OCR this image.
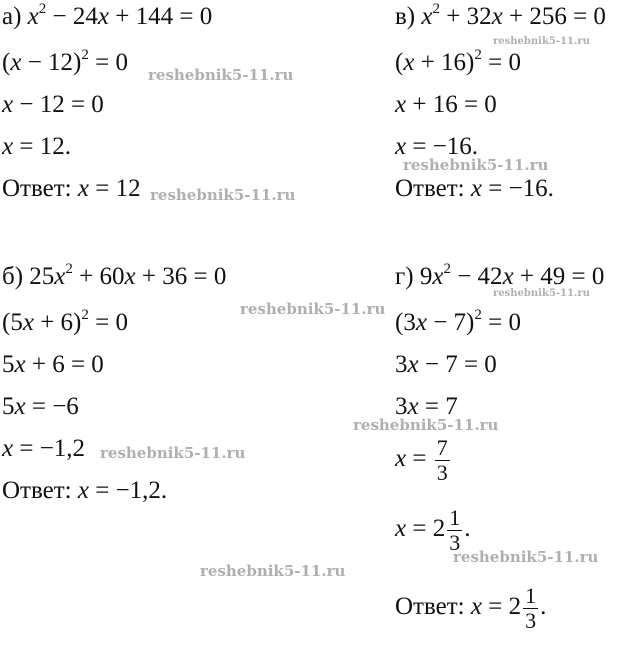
а) $x^2 - 24x + 144 = 0$
$(x - 12)^2 = 0$
x − 12 = 0
x = 12.
Ответ: x = 12
в) $x^2 + 32x + 256 = 0$
$(x + 16)^2 = 0$
x + 16 = 0
x = −16.
Ответ: x = −16.
б) $25x^2 + 60x + 36 = 0$
$(5x + 6)^2 = 0$
5x + 6 = 0
5x = −6
x = −1,2
Ответ: x = −1,2.
г) $9x^2 - 42x + 49 = 0$
$(3x - 7)^2 = 0$
3x − 7 = 0
3x = 7
$x = \frac{7}{3}$
$x = 2 \frac{1}{3}$ .
Ответ: $x = 2 \frac{1}{3}$ .
reshebnik5-11.ru
reshebnik5-11.ru
reshebnik5-11.ru
reshebnik5-11.ru
reshebnik5-11.ru
reshebnik5-11.ru
reshebnik5-11.ru
reshebnik5-11.ru
reshebnik5-11.ru
reshebnik5-11.ru
